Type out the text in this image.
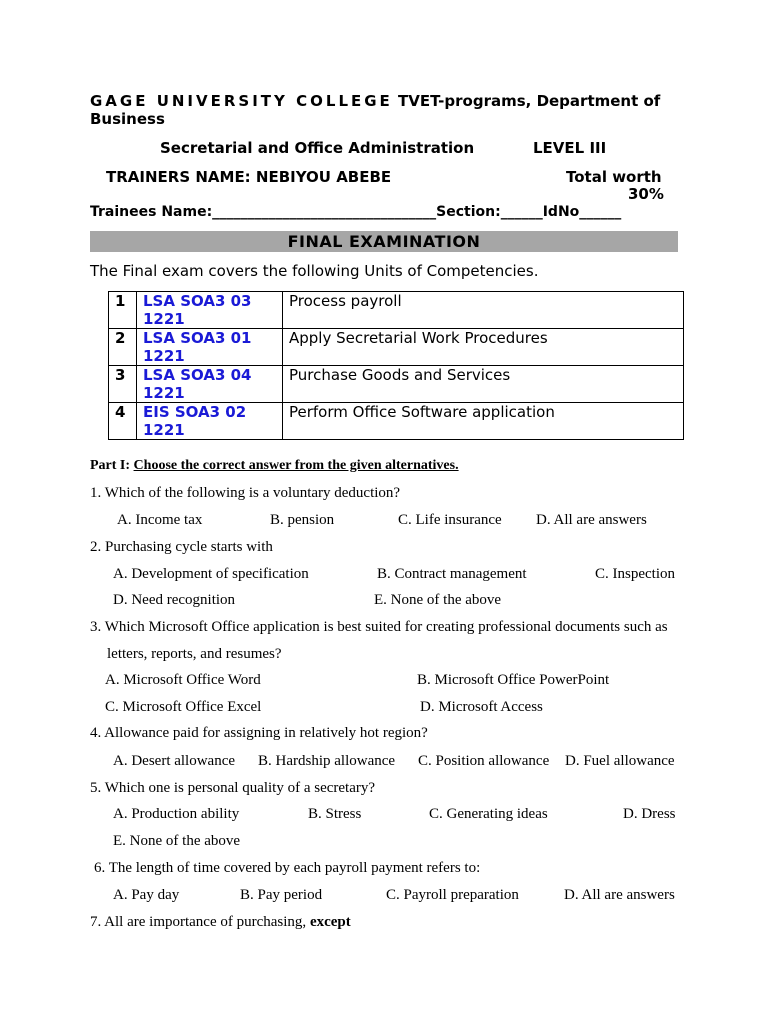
GAGE UNIVERSITY COLLEGE TVET-programs, Department of
Business
Secretarial and Office Administration	LEVEL III
TRAINERS NAME: NEBIYOU ABEBE	Total worth
30%
Trainees Name:________________________________Section:______IdNo______
FINAL EXAMINATION
The Final exam covers the following Units of Competencies.
1	LSA SOA3 03 1221	Process payroll
2	LSA SOA3 01 1221	Apply Secretarial Work Procedures
3	LSA SOA3 04 1221	Purchase Goods and Services
4	EIS SOA3 02 1221	Perform Office Software application
Part I: Choose the correct answer from the given alternatives.
1. Which of the following is a voluntary deduction?
A. Income tax	B. pension	C. Life insurance D. All are answers
2. Purchasing cycle starts with
A. Development of specification	B. Contract management	C. Inspection
D. Need recognition	E. None of the above
3. Which Microsoft Office application is best suited for creating professional documents such as
letters, reports, and resumes?
A. Microsoft Office Word	B. Microsoft Office PowerPoint
C. Microsoft Office Excel	D. Microsoft Access
4. Allowance paid for assigning in relatively hot region?
A. Desert allowance B. Hardship allowance C. Position allowance D. Fuel allowance
5. Which one is personal quality of a secretary?
A. Production ability	B. Stress	C. Generating ideas	D. Dress
E. None of the above
6. The length of time covered by each payroll payment refers to:
A. Pay day	B. Pay period	C. Payroll preparation	D. All are answers
7. All are importance of purchasing, except
